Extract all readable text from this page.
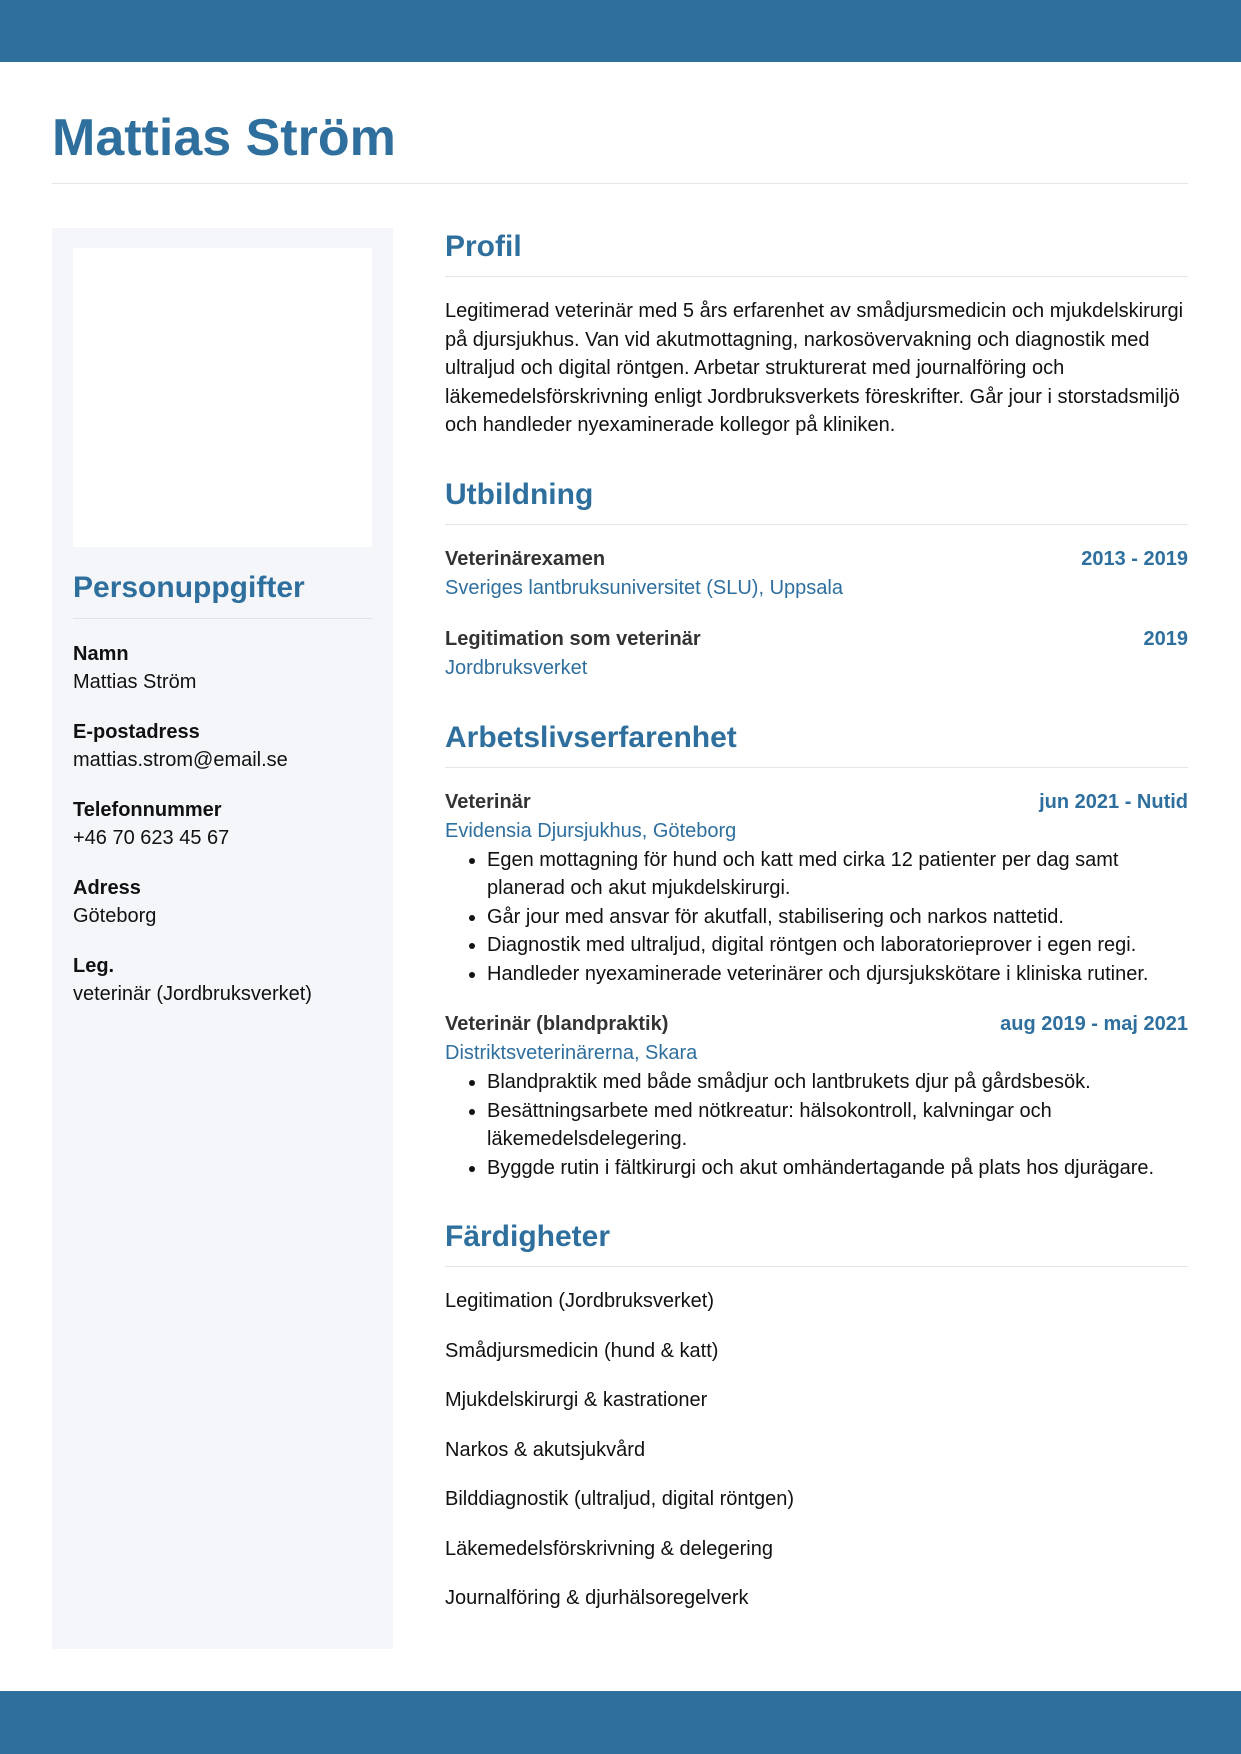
Mattias Ström
Personuppgifter
Namn
Mattias Ström
E-postadress
mattias.strom@email.se
Telefonnummer
+46 70 623 45 67
Adress
Göteborg
Leg.
veterinär (Jordbruksverket)
Profil

Legitimerad veterinär med 5 års erfarenhet av smådjursmedicin och mjukdelskirurgi på djursjukhus. Van vid akutmottagning, narkosövervakning och diagnostik med ultraljud och digital röntgen. Arbetar strukturerat med journalföring och läkemedelsförskrivning enligt Jordbruksverkets föreskrifter. Går jour i storstadsmiljö och handleder nyexaminerade kollegor på kliniken.

Utbildning
Veterinärexamen	2013 - 2019
Sveriges lantbruksuniversitet (SLU), Uppsala
Legitimation som veterinär	2019
Jordbruksverket
Arbetslivserfarenhet
Veterinär	jun 2021 - Nutid
Evidensia Djursjukhus, Göteborg
• Egen mottagning för hund och katt med cirka 12 patienter per dag samt planerad och akut mjukdelskirurgi.
• Går jour med ansvar för akutfall, stabilisering och narkos nattetid.
• Diagnostik med ultraljud, digital röntgen och laboratorieprover i egen regi.
• Handleder nyexaminerade veterinärer och djursjukskötare i kliniska rutiner.
Veterinär (blandpraktik)	aug 2019 - maj 2021
Distriktsveterinärerna, Skara
• Blandpraktik med både smådjur och lantbrukets djur på gårdsbesök.
• Besättningsarbete med nötkreatur: hälsokontroll, kalvningar och läkemedelsdelegering.
• Byggde rutin i fältkirurgi och akut omhändertagande på plats hos djurägare.
Färdigheter
Legitimation (Jordbruksverket)
Smådjursmedicin (hund & katt)
Mjukdelskirurgi & kastrationer
Narkos & akutsjukvård
Bilddiagnostik (ultraljud, digital röntgen)
Läkemedelsförskrivning & delegering
Journalföring & djurhälsoregelverk
